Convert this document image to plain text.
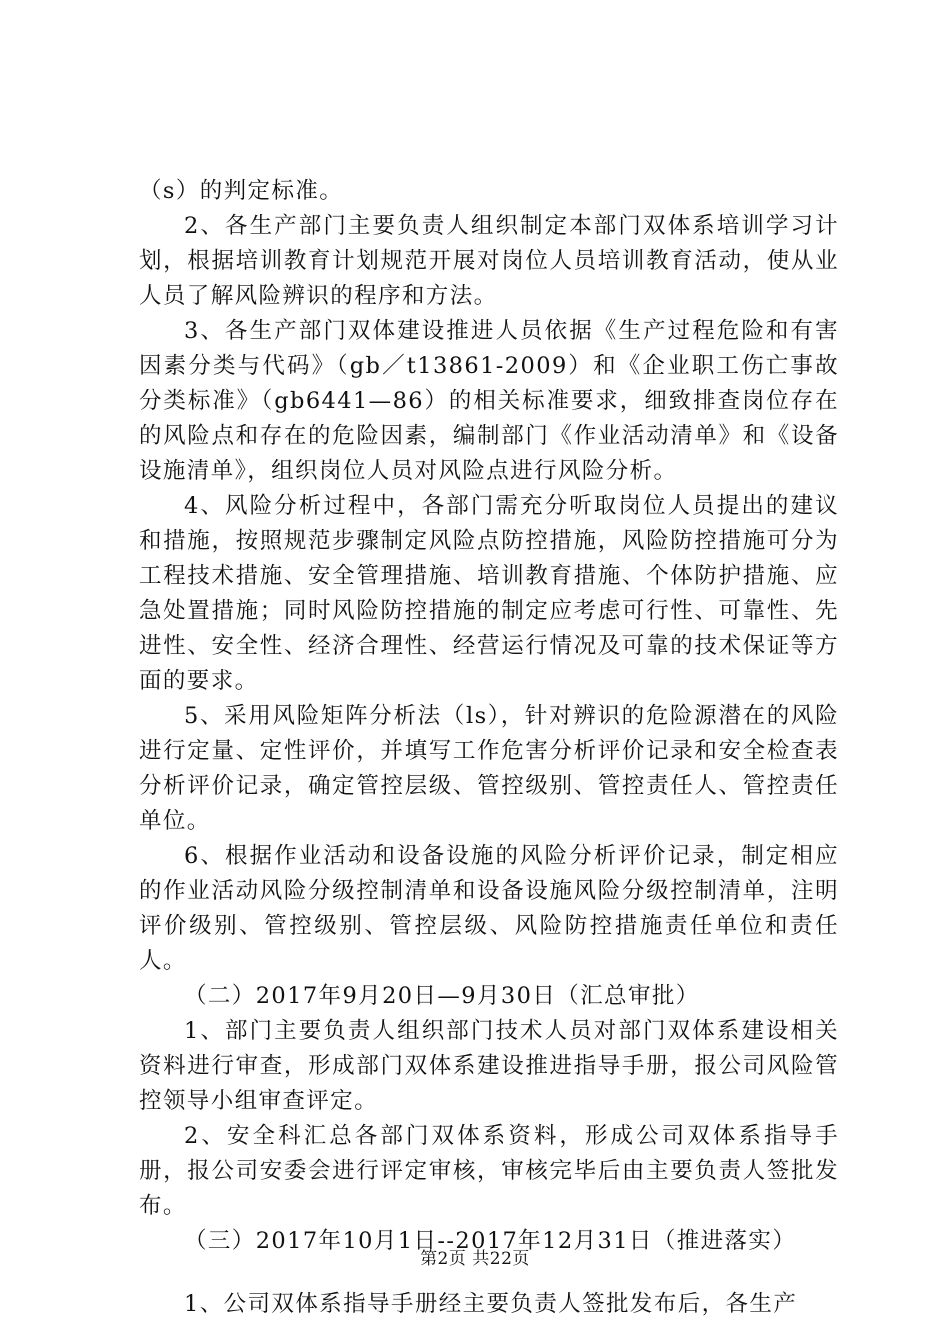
（s）的判定标准。

2、各生产部门主要负责人组织制定本部门双体系培训学习计划，根据培训教育计划规范开展对岗位人员培训教育活动，使从业人员了解风险辨识的程序和方法。

3、各生产部门双体建设推进人员依据《生产过程危险和有害因素分类与代码》（gb／t13861-2009）和《企业职工伤亡事故分类标准》（gb6441—86）的相关标准要求，细致排查岗位存在的风险点和存在的危险因素，编制部门《作业活动清单》和《设备设施清单》，组织岗位人员对风险点进行风险分析。

4、风险分析过程中，各部门需充分听取岗位人员提出的建议和措施，按照规范步骤制定风险点防控措施，风险防控措施可分为工程技术措施、安全管理措施、培训教育措施、个体防护措施、应急处置措施；同时风险防控措施的制定应考虑可行性、可靠性、先进性、安全性、经济合理性、经营运行情况及可靠的技术保证等方面的要求。

5、采用风险矩阵分析法（ls），针对辨识的危险源潜在的风险进行定量、定性评价，并填写工作危害分析评价记录和安全检查表分析评价记录，确定管控层级、管控级别、管控责任人、管控责任单位。

6、根据作业活动和设备设施的风险分析评价记录，制定相应的作业活动风险分级控制清单和设备设施风险分级控制清单，注明评价级别、管控级别、管控层级、风险防控措施责任单位和责任人。

（二）2017年9月20日—9月30日（汇总审批）

1、部门主要负责人组织部门技术人员对部门双体系建设相关资料进行审查，形成部门双体系建设推进指导手册，报公司风险管控领导小组审查评定。

2、安全科汇总各部门双体系资料，形成公司双体系指导手册，报公司安委会进行评定审核，审核完毕后由主要负责人签批发布。

（三）2017年10月1日--2017年12月31日（推进落实）

1、公司双体系指导手册经主要负责人签批发布后，各生产

第2页 共22页
